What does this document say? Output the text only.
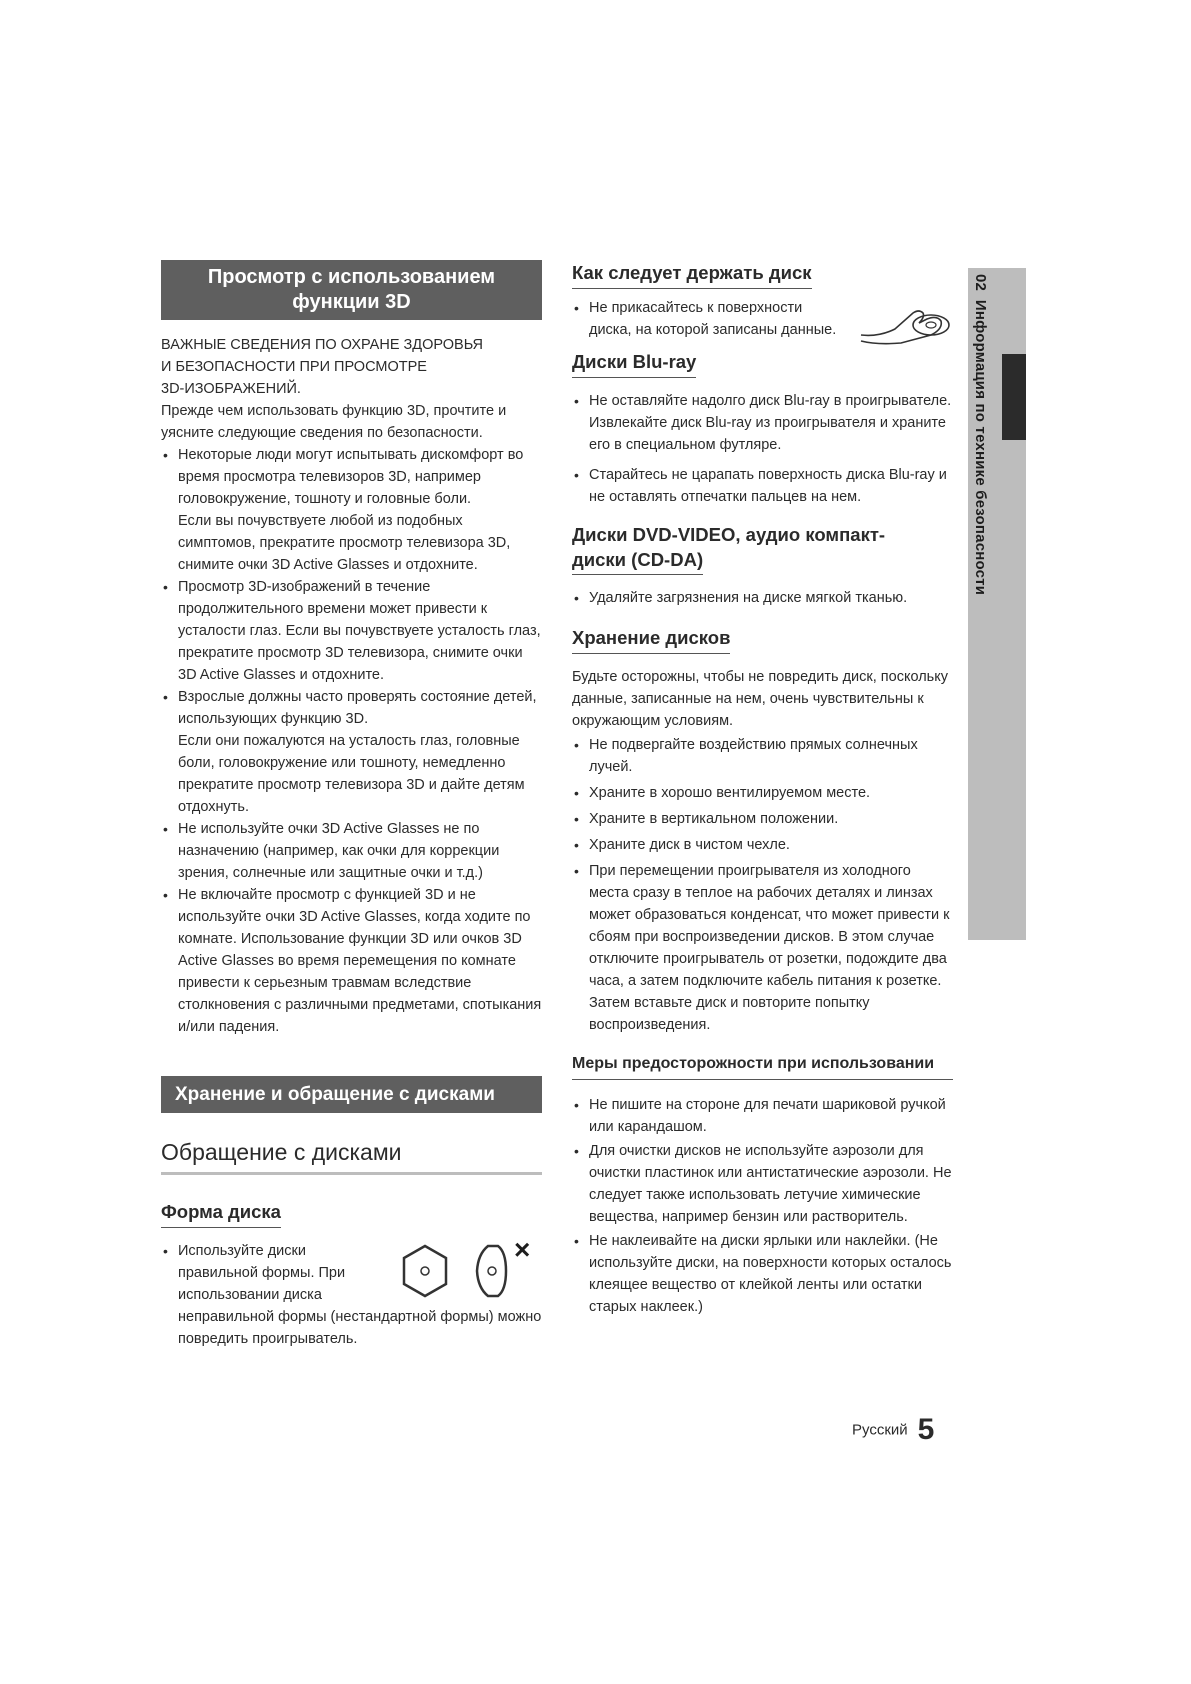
02  Информация по технике безопасности
Просмотр с использованием
функции 3D
ВАЖНЫЕ СВЕДЕНИЯ ПО ОХРАНЕ ЗДОРОВЬЯ
И БЕЗОПАСНОСТИ ПРИ ПРОСМОТРЕ
3D-ИЗОБРАЖЕНИЙ.

Прежде чем использовать функцию 3D, прочтите и уясните следующие сведения по безопасности.

• Некоторые люди могут испытывать дискомфорт во время просмотра телевизоров 3D, например головокружение, тошноту и головные боли.
Если вы почувствуете любой из подобных симптомов, прекратите просмотр телевизора 3D, снимите очки 3D Active Glasses и отдохните.
• Просмотр 3D-изображений в течение продолжительного времени может привести к усталости глаз. Если вы почувствуете усталость глаз, прекратите просмотр 3D телевизора, снимите очки 3D Active Glasses и отдохните.
• Взрослые должны часто проверять состояние детей, использующих функцию 3D.
Если они пожалуются на усталость глаз, головные боли, головокружение или тошноту, немедленно прекратите просмотр телевизора 3D и дайте детям отдохнуть.
• Не используйте очки 3D Active Glasses не по назначению (например, как очки для коррекции зрения, солнечные или защитные очки и т.д.)
• Не включайте просмотр с функцией 3D и не используйте очки 3D Active Glasses, когда ходите по комнате. Использование функции 3D или очков 3D Active Glasses во время перемещения по комнате привести к серьезным травмам вследствие столкновения с различными предметами, спотыкания и/или падения.
Хранение и обращение с дисками
Обращение с дисками
Форма диска
×
• Используйте диски правильной формы. При использовании диска
неправильной формы (нестандартной формы) можно повредить проигрыватель.
Как следует держать диск
• Не прикасайтесь к поверхности диска, на которой записаны данные.
Диски Blu-ray
• Не оставляйте надолго диск Blu-ray в проигрывателе. Извлекайте диск Blu-ray из проигрывателя и храните его в специальном футляре.
• Старайтесь не царапать поверхность диска Blu-ray и не оставлять отпечатки пальцев на нем.
Диски DVD-VIDEO, аудио компакт-
диски (CD-DA)
• Удаляйте загрязнения на диске мягкой тканью.
Хранение дисков

Будьте осторожны, чтобы не повредить диск, поскольку данные, записанные на нем, очень чувствительны к окружающим условиям.

• Не подвергайте воздействию прямых солнечных лучей.
• Храните в хорошо вентилируемом месте.
• Храните в вертикальном положении.
• Храните диск в чистом чехле.
• При перемещении проигрывателя из холодного места сразу в теплое на рабочих деталях и линзах может образоваться конденсат, что может привести к сбоям при воспроизведении дисков. В этом случае отключите проигрыватель от розетки, подождите два часа, а затем подключите кабель питания к розетке. Затем вставьте диск и повторите попытку воспроизведения.
Меры предосторожности при использовании
• Не пишите на стороне для печати шариковой ручкой или карандашом.
• Для очистки дисков не используйте аэрозоли для очистки пластинок или антистатические аэрозоли. Не следует также использовать летучие химические вещества, например бензин или растворитель.
• Не наклеивайте на диски ярлыки или наклейки. (Не используйте диски, на поверхности которых осталось клеящее вещество от клейкой ленты или остатки старых наклеек.)
Русский 5
